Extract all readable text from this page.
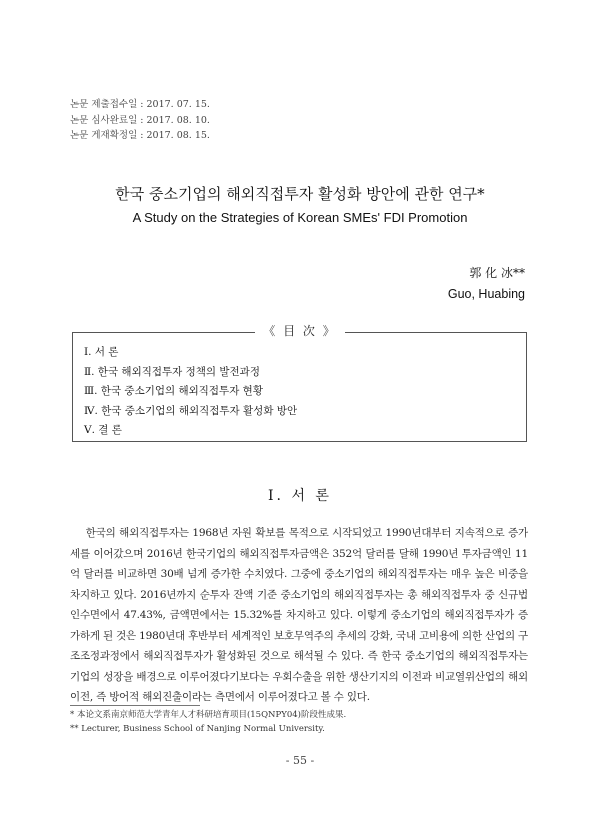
논문 제출접수일 : 2017. 07. 15.
논문 심사완료일 : 2017. 08. 10.
논문 게재확정일 : 2017. 08. 15.
한국 중소기업의 해외직접투자 활성화 방안에 관한 연구*
A Study on the Strategies of Korean SMEs' FDI Promotion
郭 化 冰**
Guo, Huabing
《 目 次 》
Ⅰ. 서 론
Ⅱ. 한국 해외직접투자 정책의 발전과정
Ⅲ. 한국 중소기업의 해외직접투자 현황
Ⅳ. 한국 중소기업의 해외직접투자 활성화 방안
Ⅴ. 결 론
Ⅰ. 서 론
한국의 해외직접투자는 1968년 자원 확보를 목적으로 시작되었고 1990년대부터 지속적으로 증가세를 이어갔으며 2016년 한국기업의 해외직접투자금액은 352억 달러를 달해 1990년 투자금액인 11억 달러를 비교하면 30배 넘게 증가한 수치였다. 그중에 중소기업의 해외직접투자는 매우 높은 비중을 차지하고 있다. 2016년까지 순투자 잔액 기준 중소기업의 해외직접투자는 총 해외직접투자 중 신규법인수면에서 47.43%, 금액면에서는 15.32%를 차지하고 있다. 이렇게 중소기업의 해외직접투자가 증가하게 된 것은 1980년대 후반부터 세계적인 보호무역주의 추세의 강화, 국내 고비용에 의한 산업의 구조조정과정에서 해외직접투자가 활성화된 것으로 해석될 수 있다. 즉 한국 중소기업의 해외직접투자는 기업의 성장을 배경으로 이루어졌다기보다는 우회수출을 위한 생산기지의 이전과 비교열위산업의 해외이전, 즉 방어적 해외진출이라는 측면에서 이루어졌다고 볼 수 있다.
* 本论文系南京师范大学青年人才科研培育项目(15QNPY04)阶段性成果.
** Lecturer, Business School of Nanjing Normal University.
- 55 -
